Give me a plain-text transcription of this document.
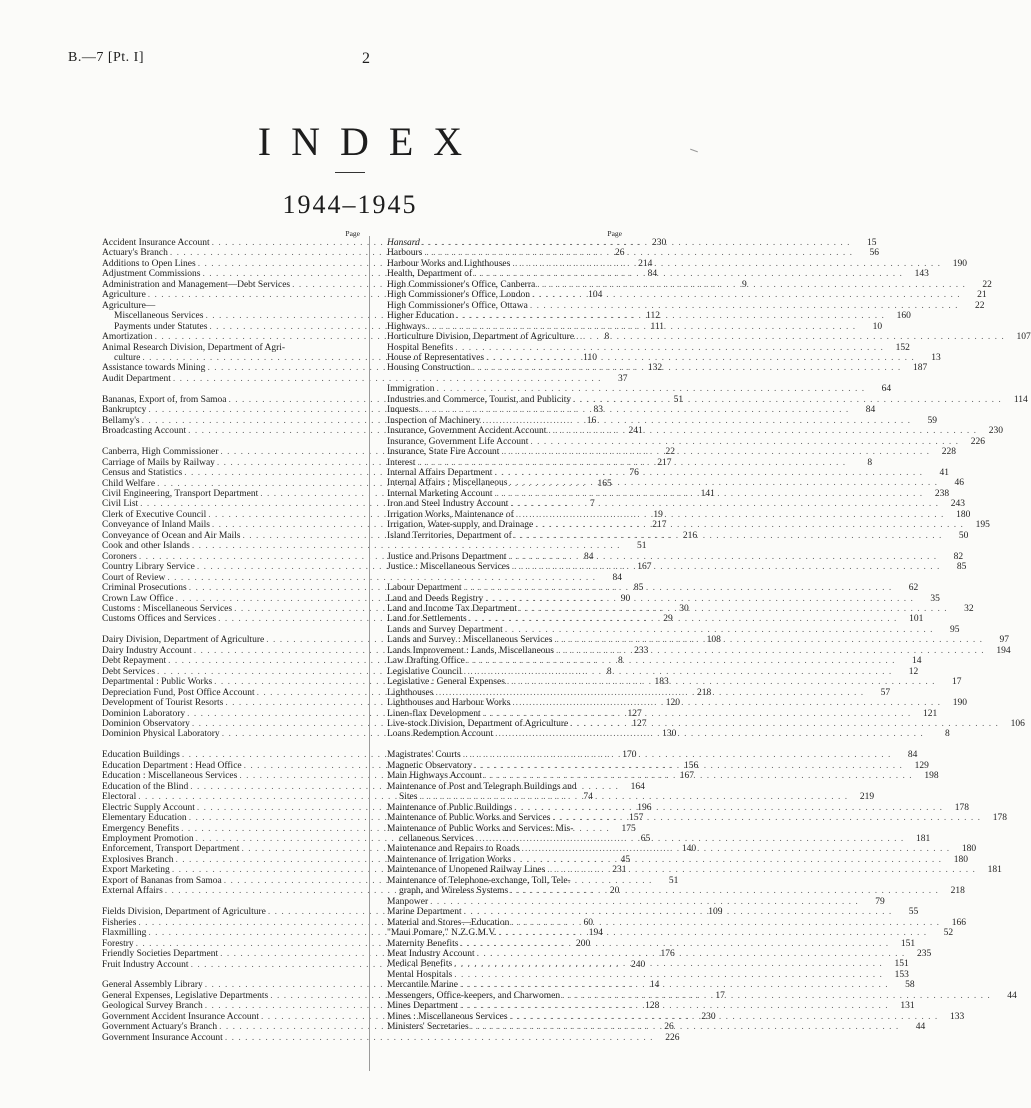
B.—7 [Pt. I]	2
INDEX
1944–1945
Page
Accident Insurance Account . . .	230
Actuary's Branch . . .	26
Additions to Open Lines . . .	214
Adjustment Commissions . . .	84
Administration and Management—Debt Services . . .	9
Agriculture . . .	104
Agriculture—
Miscellaneous Services . . .	112
Payments under Statutes . . .	111
Amortization . . .	8
Animal Research Division, Department of Agri-
culture . . .	110
Assistance towards Mining . . .	132
Audit Department . . .	37
Bananas, Export of, from Samoa . . .	51
Bankruptcy . . .	83
Bellamy's . . .	16
Broadcasting Account . . .	241
Canberra, High Commissioner . . .	22
Carriage of Mails by Railway . . .	217
Census and Statistics . . .	76
Child Welfare . . .	165
Civil Engineering, Transport Department . . .	141
Civil List . . .	7
Clerk of Executive Council . . .	19
Conveyance of Inland Mails . . .	217
Conveyance of Ocean and Air Mails . . .	216
Cook and other Islands . . .	51
Coroners . . .	84
Country Library Service . . .	167
Court of Review . . .	84
Criminal Prosecutions . . .	85
Crown Law Office . . .	90
Customs : Miscellaneous Services . . .	30
Customs Offices and Services . . .	29
Dairy Division, Department of Agriculture . . .	108
Dairy Industry Account . . .	233
Debt Repayment . . .	8
Debt Services . . .	8
Departmental : Public Works . . .	183
Depreciation Fund, Post Office Account . . .	218
Development of Tourist Resorts . . .	120
Dominion Laboratory . . .	127
Dominion Observatory . . .	127
Dominion Physical Laboratory . . .	130
Education Buildings . . .	170
Education Department : Head Office . . .	156
Education : Miscellaneous Services . . .	167
Education of the Blind . . .	164
Electoral . . .	74
Electric Supply Account . . .	196
Elementary Education . . .	157
Emergency Benefits . . .	175
Employment Promotion . . .	65
Enforcement, Transport Department . . .	140
Explosives Branch . . .	45
Export Marketing . . .	231
Export of Bananas from Samoa . . .	51
External Affairs . . .	20
Fields Division, Department of Agriculture . . .	109
Fisheries . . .	60
Flaxmilling . . .	194
Forestry . . .	200
Friendly Societies Department . . .	176
Fruit Industry Account . . .	240
General Assembly Library . . .	14
General Expenses, Legislative Departments . . .	17
Geological Survey Branch . . .	128
Government Accident Insurance Account . . .	230
Government Actuary's Branch . . .	26
Government Insurance Account . . .	226
Page
Hansard . . .	15
Harbours . . .	56
Harbour Works and Lighthouses . . .	190
Health, Department of . . .	143
High Commissioner's Office, Canberra . . .	22
High Commissioner's Office, London . . .	21
High Commissioner's Office, Ottawa . . .	22
Higher Education . . .	160
Highways . . .	10
Horticulture Division, Department of Agriculture . . .	107
Hospital Benefits . . .	152
House of Representatives . . .	13
Housing Construction . . .	187
Immigration . . .	64
Industries and Commerce, Tourist, and Publicity . . .	114
Inquests . . .	84
Inspection of Machinery . . .	59
Insurance, Government Accident Account . . .	230
Insurance, Government Life Account . . .	226
Insurance, State Fire Account . . .	228
Interest . . .	8
Internal Affairs Department . . .	41
Internal Affairs : Miscellaneous . . .	46
Internal Marketing Account . . .	238
Iron and Steel Industry Account . . .	243
Irrigation Works, Maintenance of . . .	180
Irrigation, Water-supply, and Drainage . . .	195
Island Territories, Department of . . .	50
Justice and Prisons Department . . .	82
Justice : Miscellaneous Services . . .	85
Labour Department . . .	62
Land and Deeds Registry . . .	35
Land and Income Tax Department . . .	32
Land for Settlements . . .	101
Lands and Survey Department . . .	95
Lands and Survey : Miscellaneous Services . . .	97
Lands Improvement : Lands, Miscellaneous . . .	194
Law Drafting Office . . .	14
Legislative Council . . .	12
Legislative : General Expenses . . .	17
Lighthouses . . .	57
Lighthouses and Harbour Works . . .	190
Linen-flax Development . . .	121
Live-stock Division, Department of Agriculture . . .	106
Loans Redemption Account . . .	8
Magistrates' Courts . . .	84
Magnetic Observatory . . .	129
Main Highways Account . . .	198
Maintenance of Post and Telegraph Buildings and
Sites . . .	219
Maintenance of Public Buildings . . .	178
Maintenance of Public Works and Services . . .	178
Maintenance of Public Works and Services: Mis-
cellaneous Services . . .	181
Maintenance and Repairs to Roads . . .	180
Maintenance of Irrigation Works . . .	180
Maintenance of Unopened Railway Lines . . .	181
Maintenance of Telephone-exchange, Toll, Tele-
graph, and Wireless Systems . . .	218
Manpower . . .	79
Marine Department . . .	55
Material and Stores—Education . . .	166
"Maui Pomare," N.Z.G.M.V. . . .	52
Maternity Benefits . . .	151
Meat Industry Account . . .	235
Medical Benefits . . .	151
Mental Hospitals . . .	153
Mercantile Marine . . .	58
Messengers, Office-keepers, and Charwomen . . .	44
Mines Department . . .	131
Mines : Miscellaneous Services . . .	133
Ministers' Secretaries . . .	44
